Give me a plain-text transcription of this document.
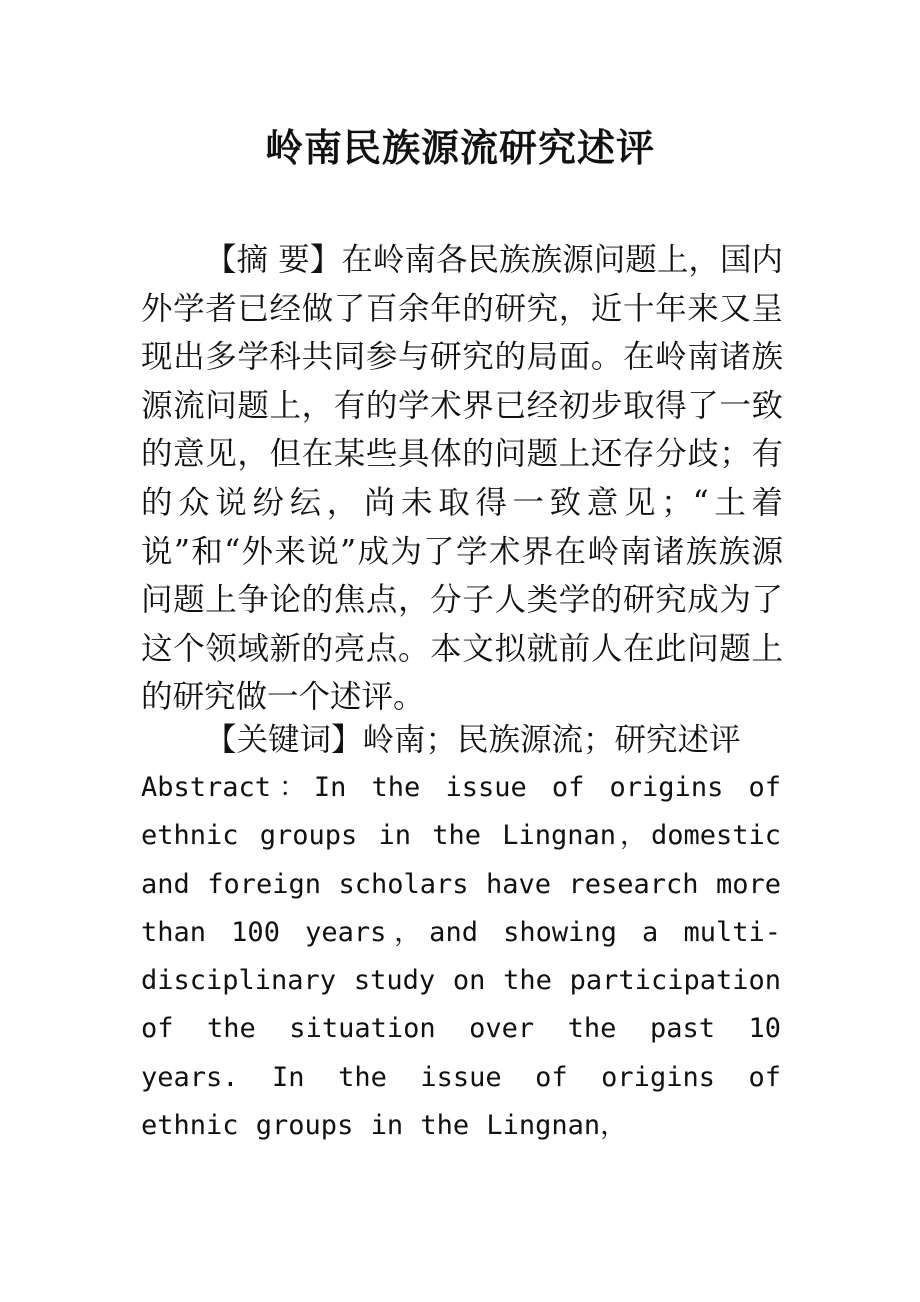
岭南民族源流研究述评

【摘 要】在岭南各民族族源问题上，国内外学者已经做了百余年的研究，近十年来又呈现出多学科共同参与研究的局面。在岭南诸族源流问题上，有的学术界已经初步取得了一致的意见，但在某些具体的问题上还存分歧；有的众说纷纭，尚未取得一致意见；“土着说”和“外来说”成为了学术界在岭南诸族族源问题上争论的焦点，分子人类学的研究成为了这个领域新的亮点。本文拟就前人在此问题上的研究做一个述评。

【关键词】岭南；民族源流；研究述评

Abstract：In the issue of origins of ethnic groups in the Lingnan，domestic and foreign scholars have research more than 100 years，and showing a multi-disciplinary study on the participation of the situation over the past 10 years. In the issue of origins of ethnic groups in the Lingnan，
